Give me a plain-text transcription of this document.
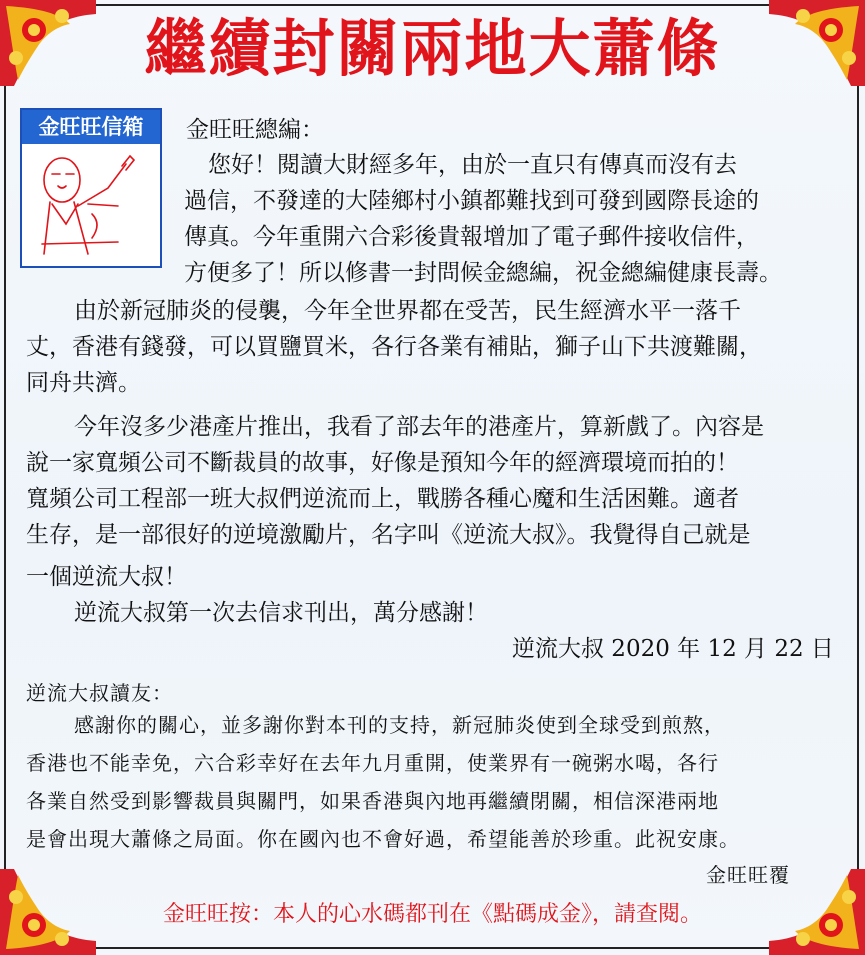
繼續封關兩地大蕭條
金旺旺信箱	金旺旺總編：
您好！閱讀大財經多年，由於一直只有傳真而沒有去
過信，不發達的大陸鄉村小鎮都難找到可發到國際長途的
傳真。今年重開六合彩後貴報增加了電子郵件接收信件，
方便多了！所以修書一封問候金總編，祝金總編健康長壽。
由於新冠肺炎的侵襲，今年全世界都在受苦，民生經濟水平一落千
丈，香港有錢發，可以買鹽買米，各行各業有補貼，獅子山下共渡難關，
同舟共濟。
今年沒多少港產片推出，我看了部去年的港產片，算新戲了。內容是
說一家寬頻公司不斷裁員的故事，好像是預知今年的經濟環境而拍的！
寬頻公司工程部一班大叔們逆流而上，戰勝各種心魔和生活困難。適者
生存，是一部很好的逆境激勵片，名字叫《逆流大叔》。我覺得自己就是
一個逆流大叔！
逆流大叔第一次去信求刊出，萬分感謝！
逆流大叔 2020 年 12 月 22 日
逆流大叔讀友：
感謝你的關心，並多謝你對本刊的支持，新冠肺炎使到全球受到煎熬，
香港也不能幸免，六合彩幸好在去年九月重開，使業界有一碗粥水喝，各行
各業自然受到影響裁員與關門，如果香港與內地再繼續閉關，相信深港兩地
是會出現大蕭條之局面。你在國內也不會好過，希望能善於珍重。此祝安康。
金旺旺覆
金旺旺按：本人的心水碼都刊在《點碼成金》，請查閱。
